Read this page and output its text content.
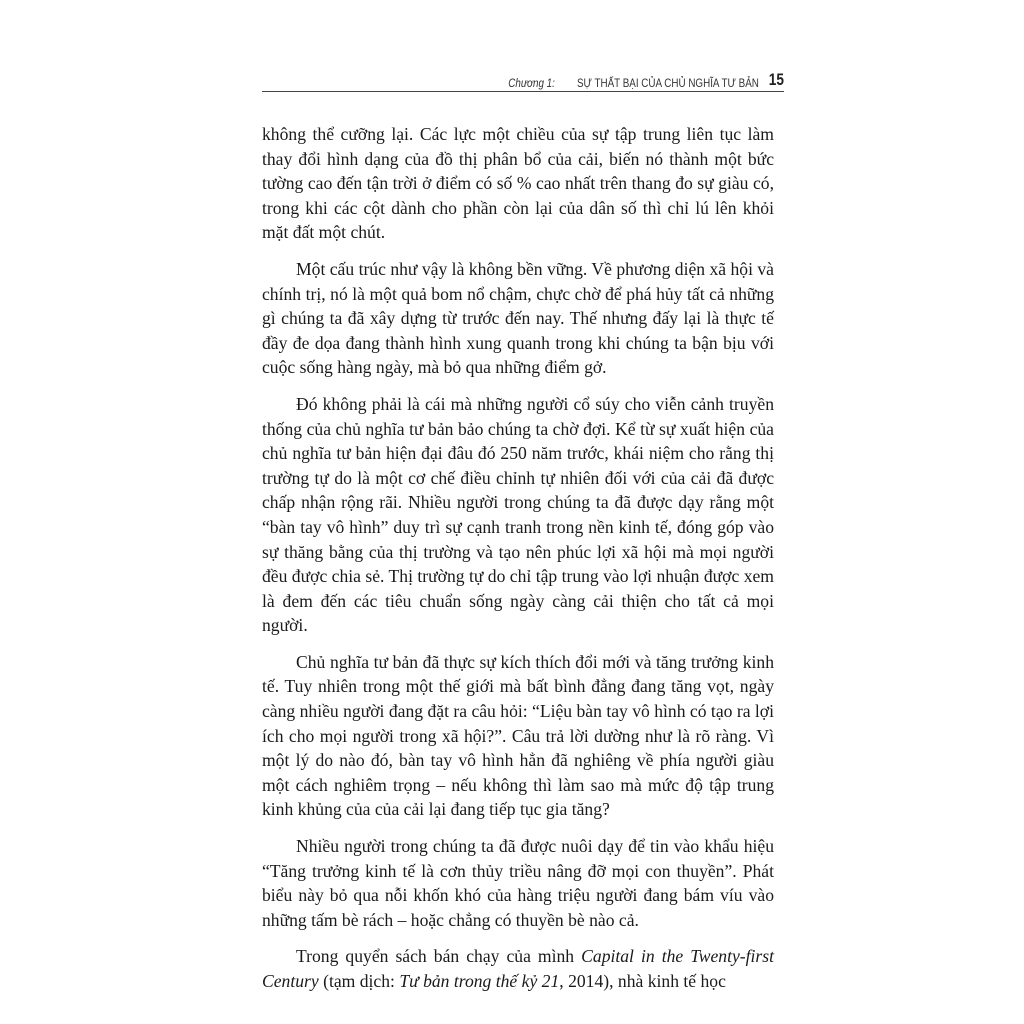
Chương 1: SỰ THẤT BẠI CỦA CHỦ NGHĨA TƯ BẢN 15

không thể cưỡng lại. Các lực một chiều của sự tập trung liên tục làm thay đổi hình dạng của đồ thị phân bổ của cải, biến nó thành một bức tường cao đến tận trời ở điểm có số % cao nhất trên thang đo sự giàu có, trong khi các cột dành cho phần còn lại của dân số thì chỉ lú lên khỏi mặt đất một chút.

Một cấu trúc như vậy là không bền vững. Về phương diện xã hội và chính trị, nó là một quả bom nổ chậm, chực chờ để phá hủy tất cả những gì chúng ta đã xây dựng từ trước đến nay. Thế nhưng đấy lại là thực tế đầy đe dọa đang thành hình xung quanh trong khi chúng ta bận bịu với cuộc sống hàng ngày, mà bỏ qua những điểm gở.

Đó không phải là cái mà những người cổ súy cho viễn cảnh truyền thống của chủ nghĩa tư bản bảo chúng ta chờ đợi. Kể từ sự xuất hiện của chủ nghĩa tư bản hiện đại đâu đó 250 năm trước, khái niệm cho rằng thị trường tự do là một cơ chế điều chỉnh tự nhiên đối với của cải đã được chấp nhận rộng rãi. Nhiều người trong chúng ta đã được dạy rằng một “bàn tay vô hình” duy trì sự cạnh tranh trong nền kinh tế, đóng góp vào sự thăng bằng của thị trường và tạo nên phúc lợi xã hội mà mọi người đều được chia sẻ. Thị trường tự do chỉ tập trung vào lợi nhuận được xem là đem đến các tiêu chuẩn sống ngày càng cải thiện cho tất cả mọi người.

Chủ nghĩa tư bản đã thực sự kích thích đổi mới và tăng trưởng kinh tế. Tuy nhiên trong một thế giới mà bất bình đẳng đang tăng vọt, ngày càng nhiều người đang đặt ra câu hỏi: “Liệu bàn tay vô hình có tạo ra lợi ích cho mọi người trong xã hội?”. Câu trả lời dường như là rõ ràng. Vì một lý do nào đó, bàn tay vô hình hẳn đã nghiêng về phía người giàu một cách nghiêm trọng – nếu không thì làm sao mà mức độ tập trung kinh khủng của của cải lại đang tiếp tục gia tăng?

Nhiều người trong chúng ta đã được nuôi dạy để tin vào khẩu hiệu “Tăng trưởng kinh tế là cơn thủy triều nâng đỡ mọi con thuyền”. Phát biểu này bỏ qua nỗi khốn khó của hàng triệu người đang bám víu vào những tấm bè rách – hoặc chẳng có thuyền bè nào cả.

Trong quyển sách bán chạy của mình Capital in the Twenty-first Century (tạm dịch: Tư bản trong thế kỷ 21, 2014), nhà kinh tế học
